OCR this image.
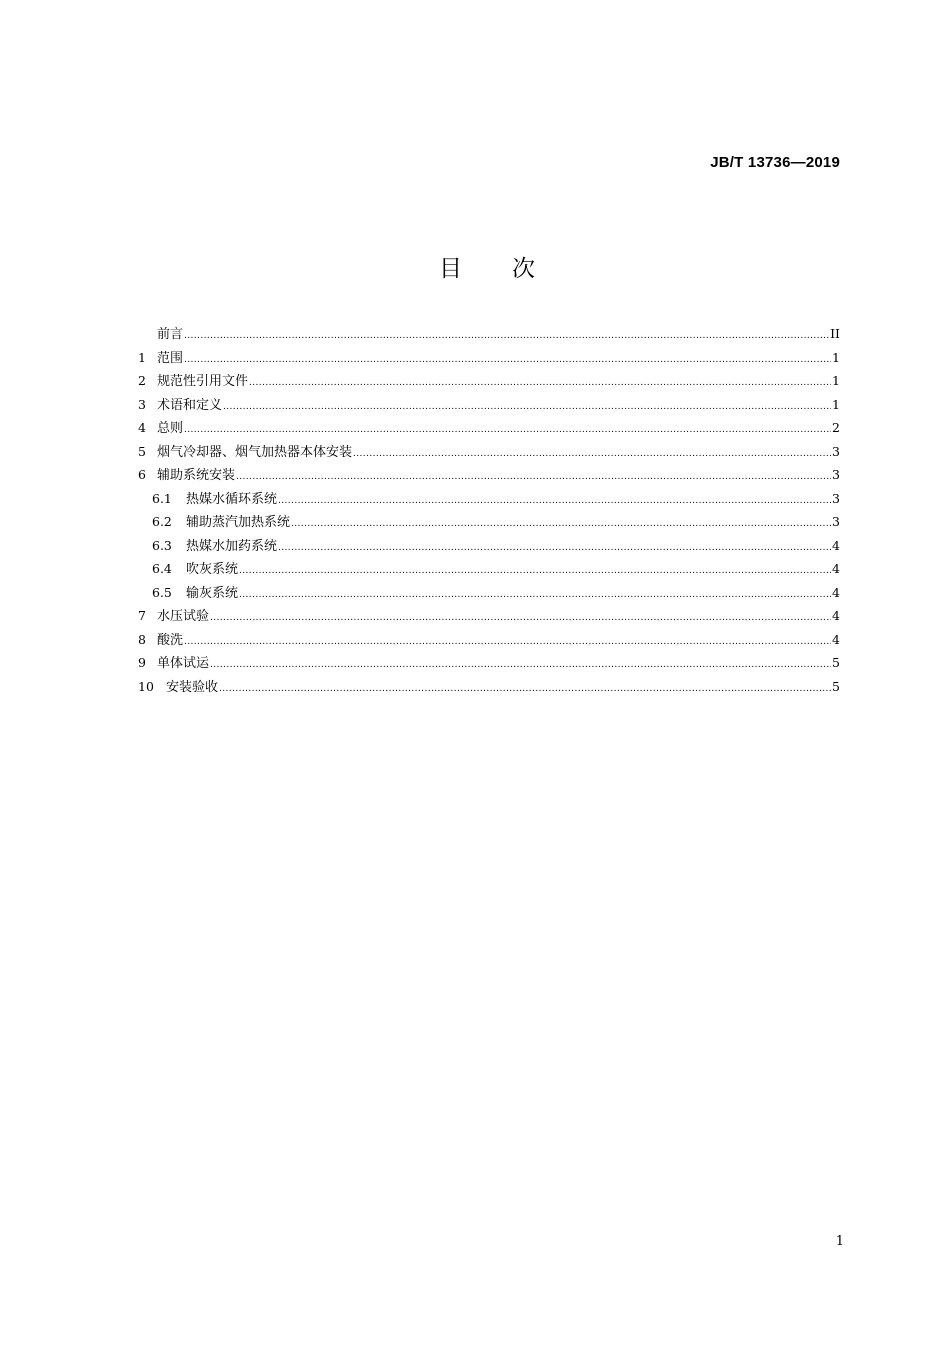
JB/T 13736—2019
目 次
前言 .....	II
1 范围 .....	1
2 规范性引用文件 .....	1
3 术语和定义 .....	1
4 总则 .....	2
5 烟气冷却器、烟气加热器本体安装 .....	3
6 辅助系统安装 .....	3
6.1	热媒水循环系统 .....	3
6.2	辅助蒸汽加热系统 .....	3
6.3	热媒水加药系统 .....	4
6.4	吹灰系统 .....	4
6.5	输灰系统 .....	4
7 水压试验 .....	4
8 酸洗 .....	4
9 单体试运 .....	5
10 安装验收 .....	5
1
